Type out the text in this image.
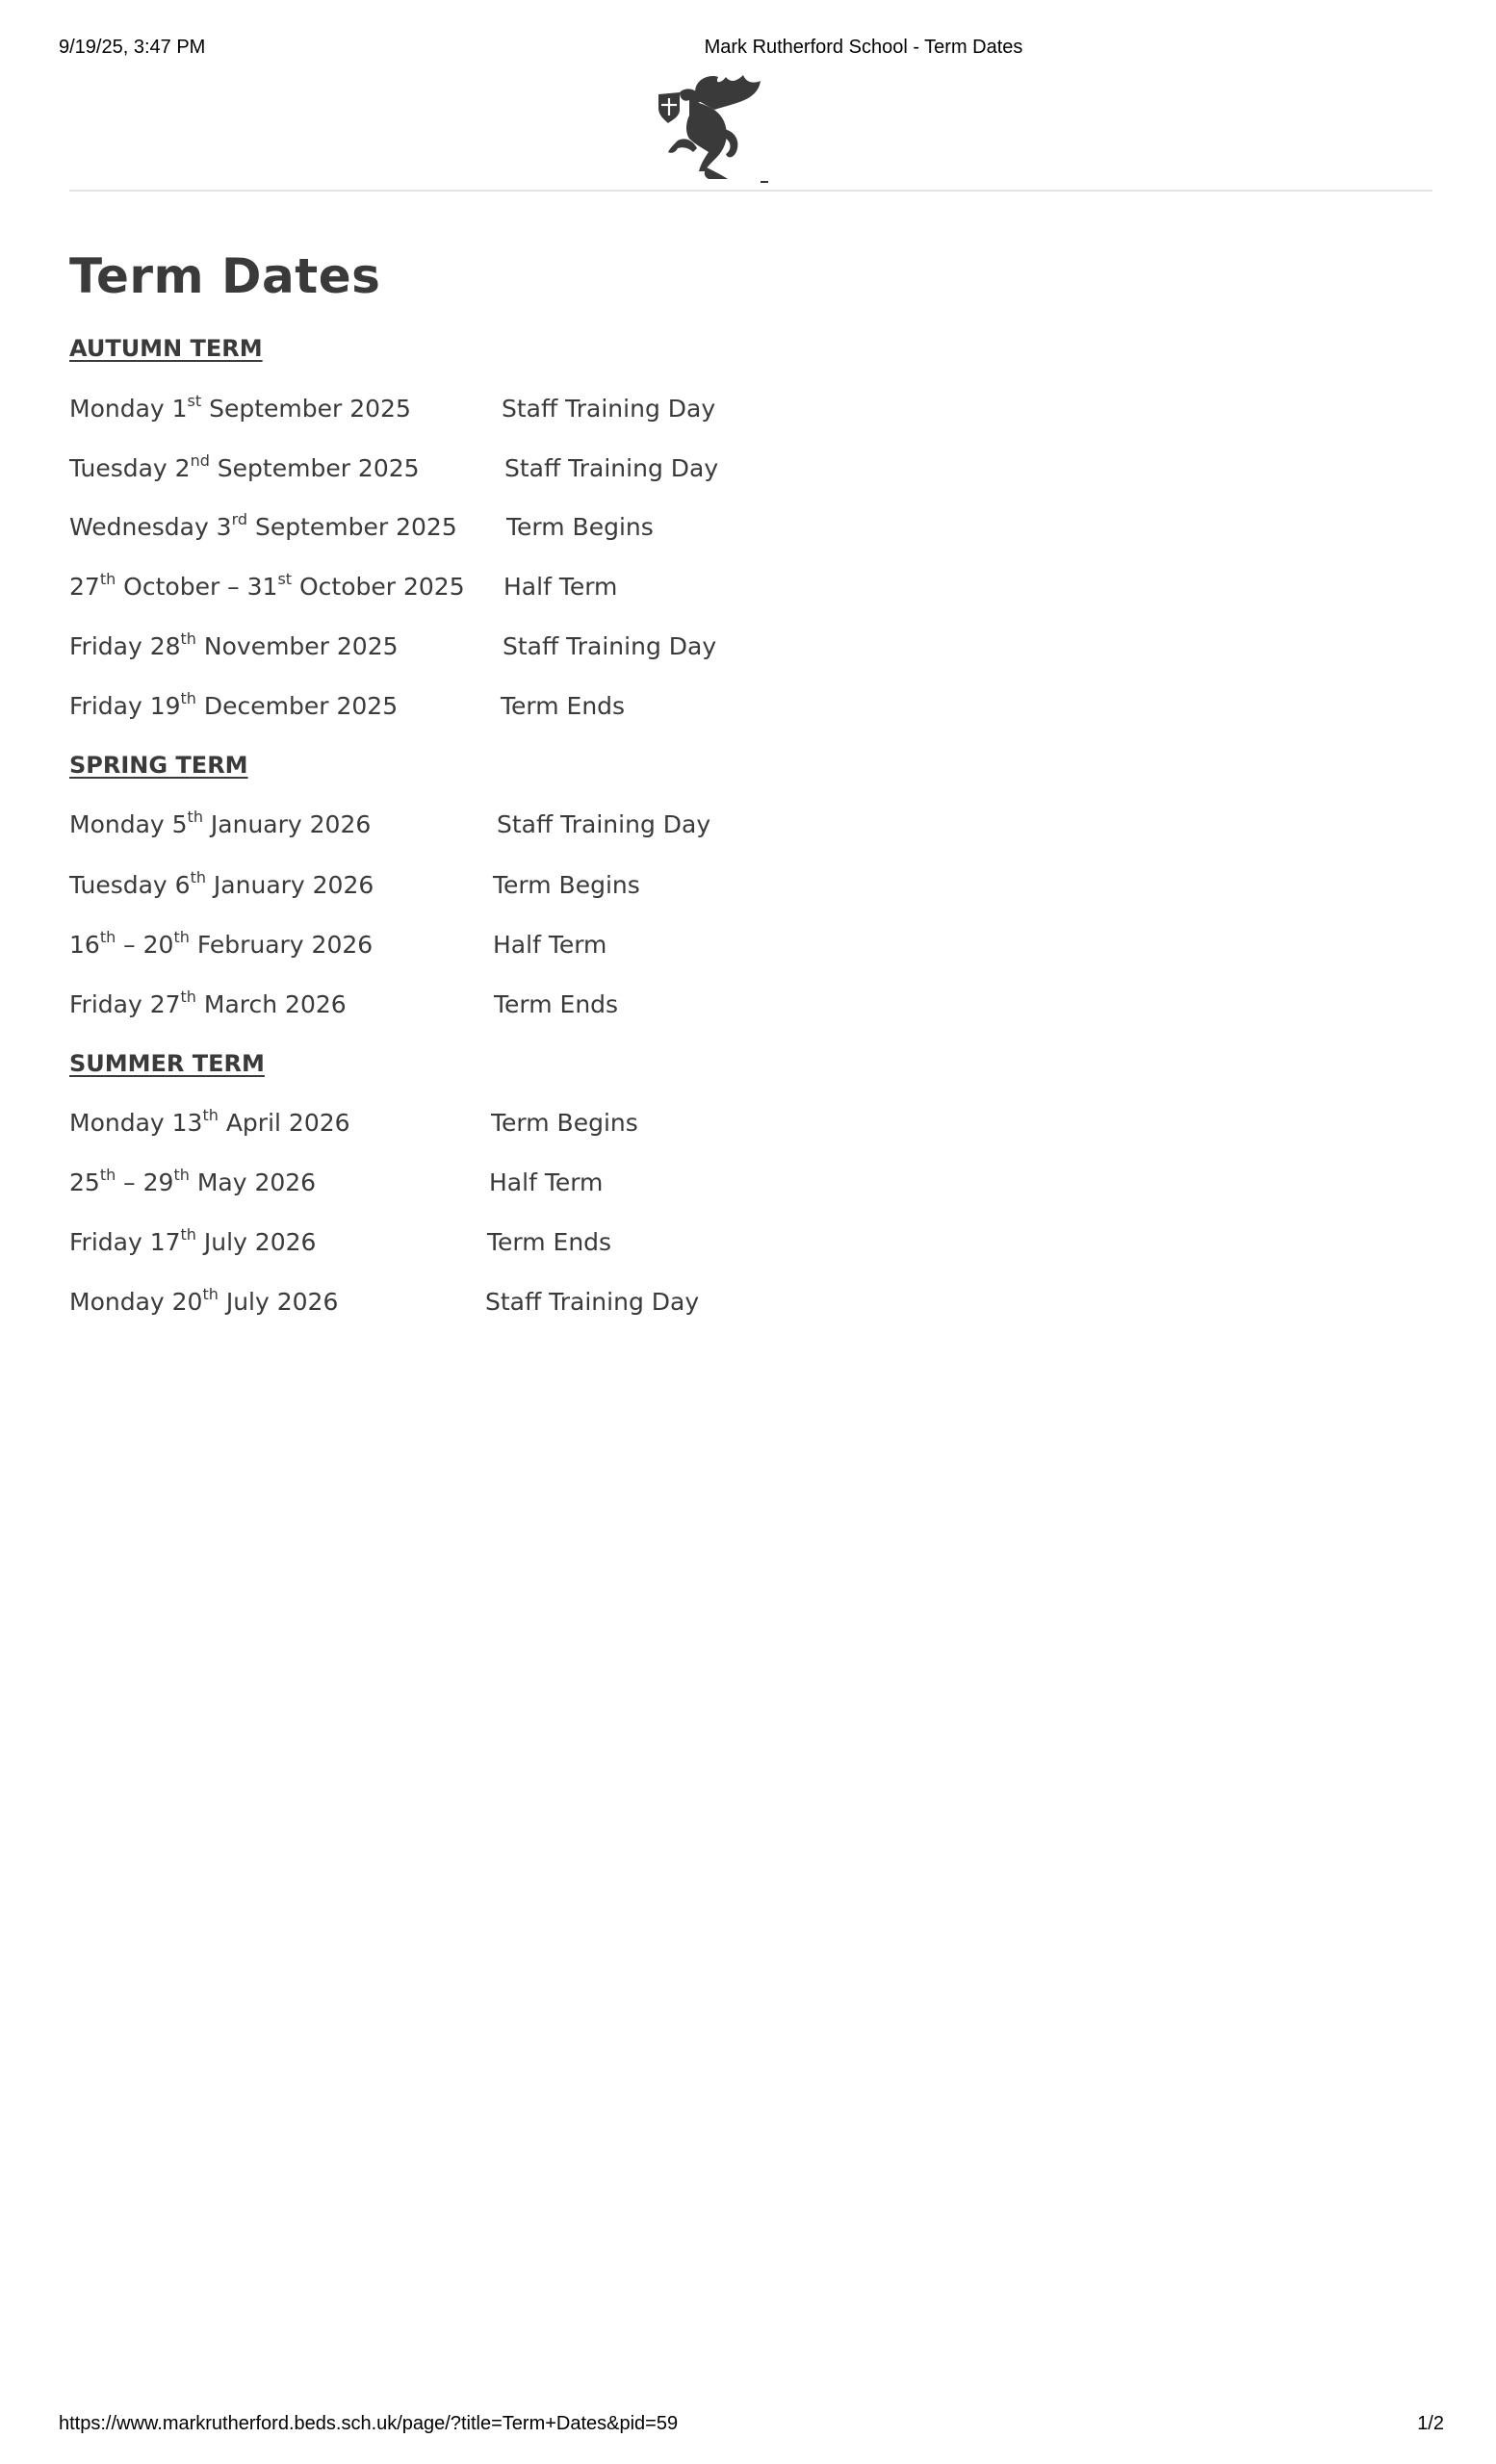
9/19/25, 3:47 PM	Mark Rutherford School - Term Dates
Term Dates
AUTUMN TERM
Monday 1st September 2025	Staff Training Day
Tuesday 2nd September 2025	Staff Training Day
Wednesday 3rd September 2025 Term Begins
27th October – 31st October 2025 Half Term
Friday 28th November 2025	Staff Training Day
Friday 19th December 2025	Term Ends
SPRING TERM
Monday 5th January 2026	Staff Training Day
Tuesday 6th January 2026	Term Begins
16th – 20th February 2026	Half Term
Friday 27th March 2026	Term Ends
SUMMER TERM
Monday 13th April 2026	Term Begins
25th – 29th May 2026	Half Term
Friday 17th July 2026	Term Ends
Monday 20th July 2026	Staff Training Day
https://www.markrutherford.beds.sch.uk/page/?title=Term+Dates&pid=59	1/2
